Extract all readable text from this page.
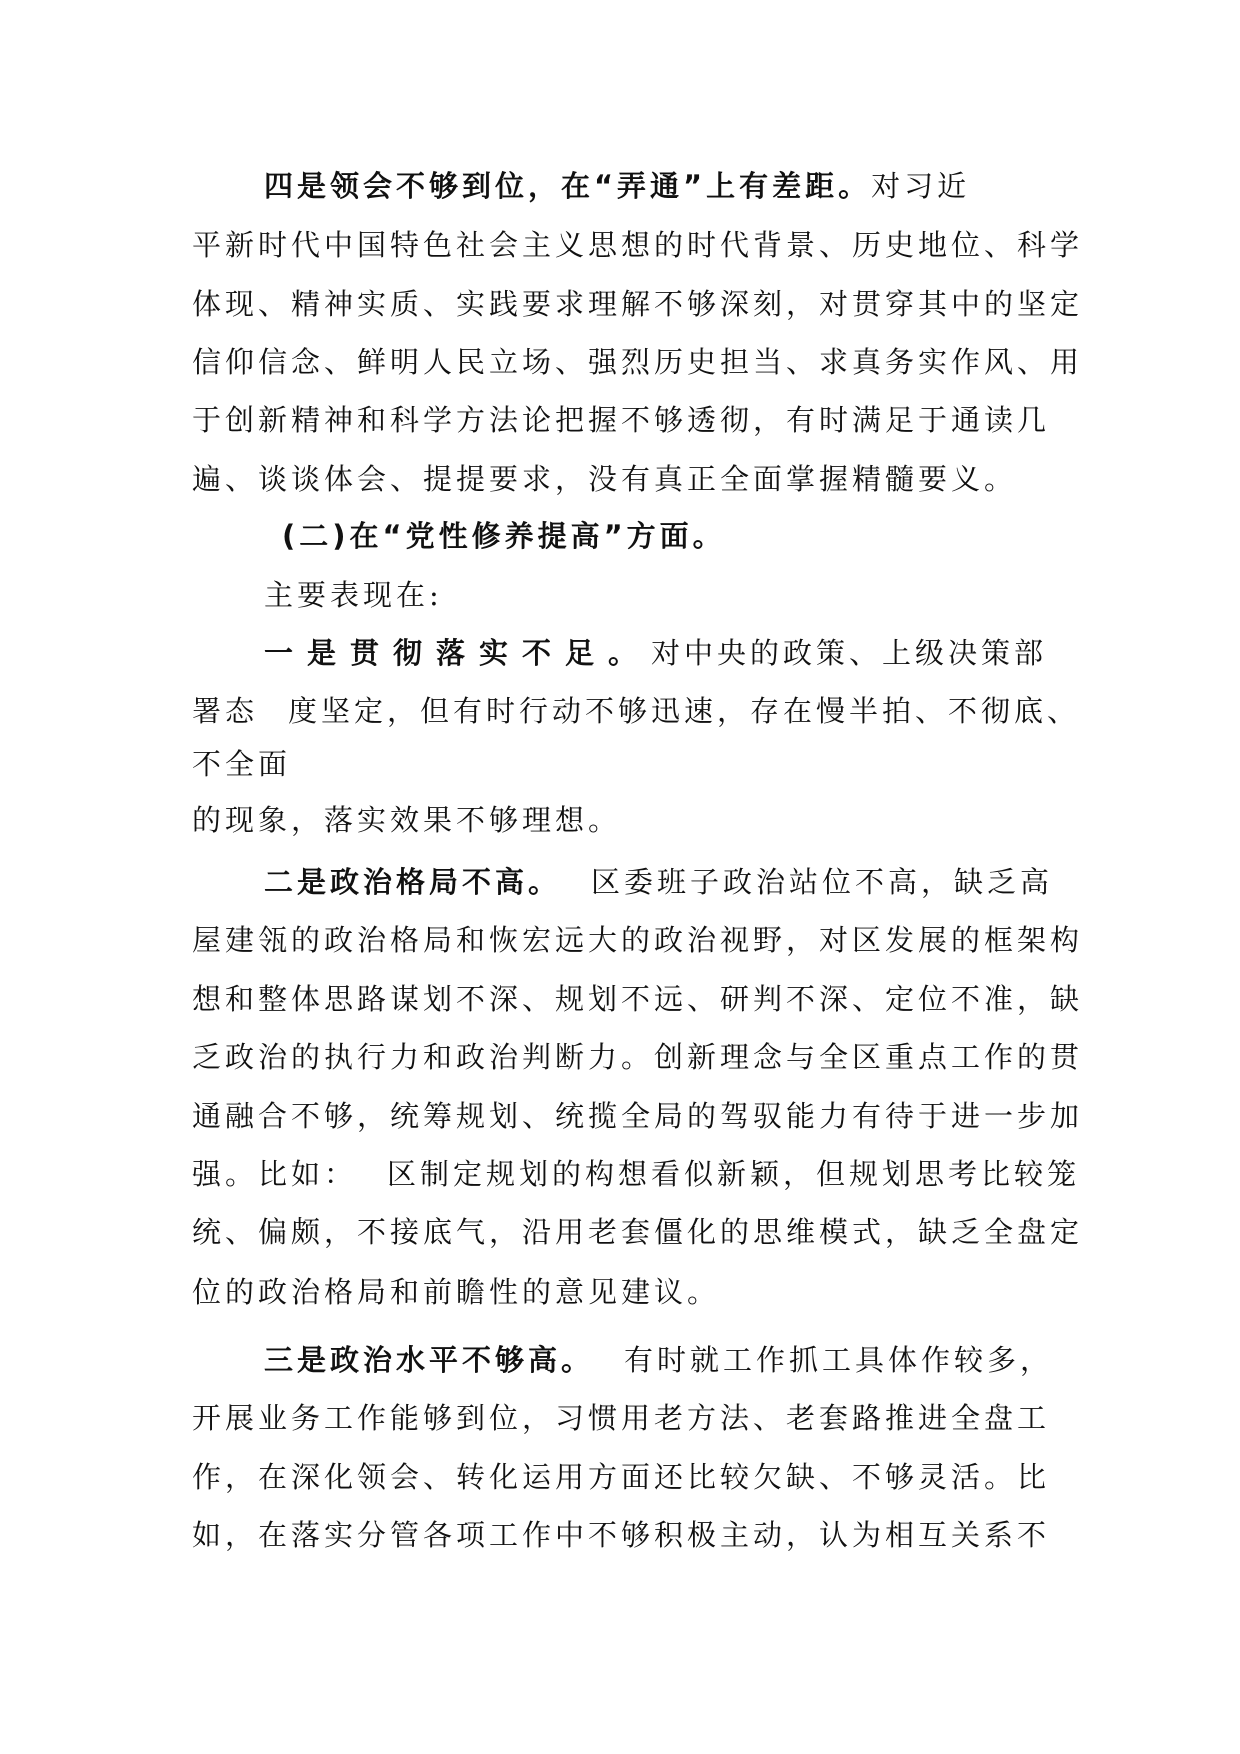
四是领会不够到位，在“弄通”上有差距。对习近

平新时代中国特色社会主义思想的时代背景、历史地位、科学

体现、精神实质、实践要求理解不够深刻，对贯穿其中的坚定

信仰信念、鲜明人民立场、强烈历史担当、求真务实作风、用

于创新精神和科学方法论把握不够透彻，有时满足于通读几

遍、谈谈体会、提提要求，没有真正全面掌握精髓要义。

(二)在“党性修养提高”方面。

主要表现在:

一是贯彻落实不足。对中央的政策、上级决策部

署态 度坚定，但有时行动不够迅速，存在慢半拍、不彻底、

不全面

的现象，落实效果不够理想。

二是政治格局不高。 区委班子政治站位不高，缺乏高

屋建瓴的政治格局和恢宏远大的政治视野，对区发展的框架构

想和整体思路谋划不深、规划不远、研判不深、定位不准，缺

乏政治的执行力和政治判断力。创新理念与全区重点工作的贯

通融合不够，统筹规划、统揽全局的驾驭能力有待于进一步加

强。比如： 区制定规划的构想看似新颖，但规划思考比较笼

统、偏颇，不接底气，沿用老套僵化的思维模式，缺乏全盘定

位的政治格局和前瞻性的意见建议。

三是政治水平不够高。 有时就工作抓工具体作较多，

开展业务工作能够到位，习惯用老方法、老套路推进全盘工

作，在深化领会、转化运用方面还比较欠缺、不够灵活。比

如，在落实分管各项工作中不够积极主动，认为相互关系不
